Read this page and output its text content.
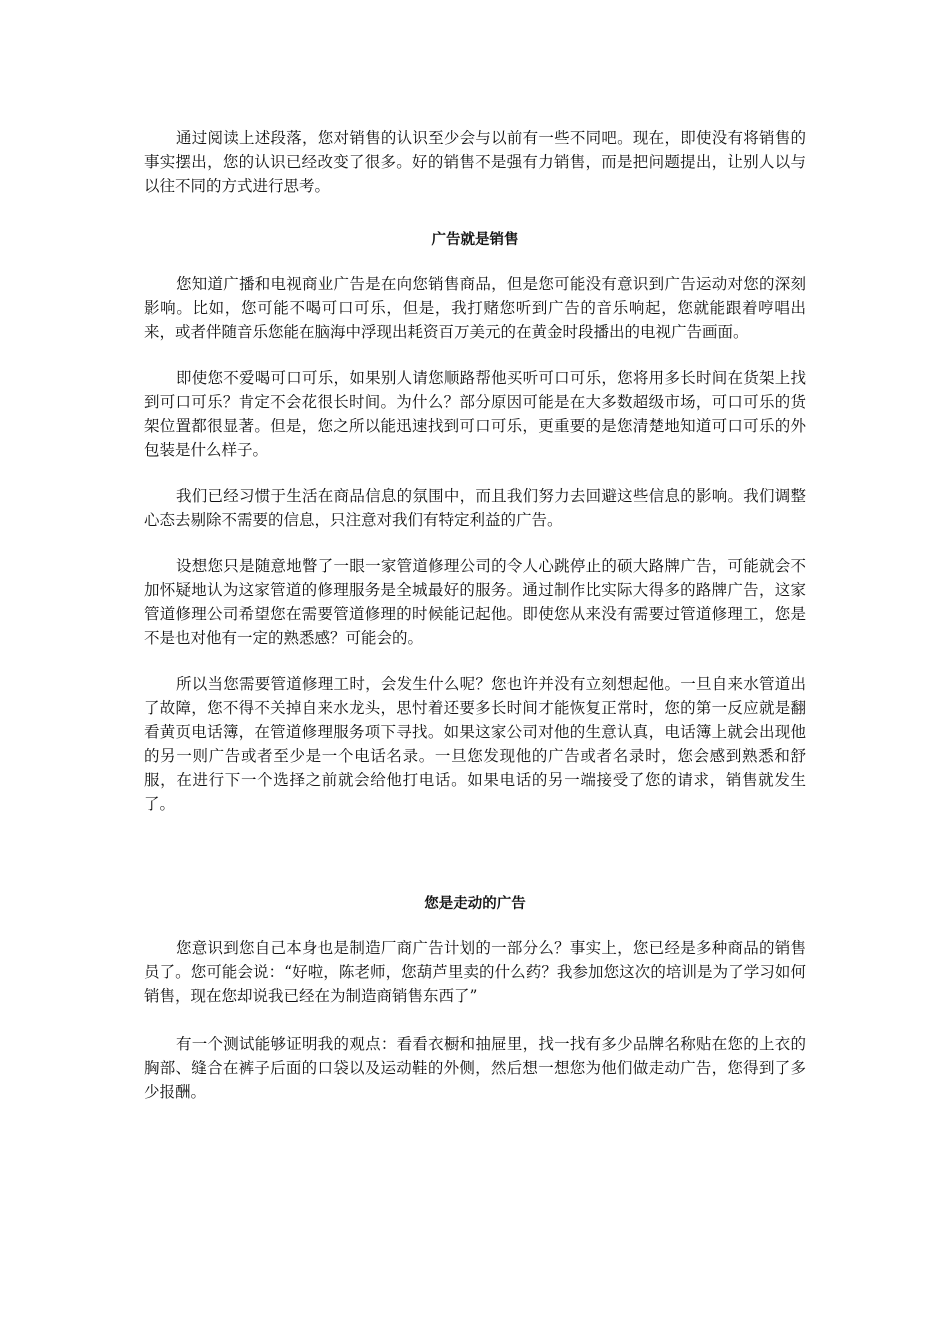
通过阅读上述段落，您对销售的认识至少会与以前有一些不同吧。现在，即使没有将销售的事实摆出，您的认识已经改变了很多。好的销售不是强有力销售，而是把问题提出，让别人以与以往不同的方式进行思考。

广告就是销售

您知道广播和电视商业广告是在向您销售商品，但是您可能没有意识到广告运动对您的深刻影响。比如，您可能不喝可口可乐，但是，我打赌您听到广告的音乐响起，您就能跟着哼唱出来，或者伴随音乐您能在脑海中浮现出耗资百万美元的在黄金时段播出的电视广告画面。

即使您不爱喝可口可乐，如果别人请您顺路帮他买听可口可乐，您将用多长时间在货架上找到可口可乐？肯定不会花很长时间。为什么？部分原因可能是在大多数超级市场，可口可乐的货架位置都很显著。但是，您之所以能迅速找到可口可乐，更重要的是您清楚地知道可口可乐的外包装是什么样子。

我们已经习惯于生活在商品信息的氛围中，而且我们努力去回避这些信息的影响。我们调整心态去剔除不需要的信息，只注意对我们有特定利益的广告。

设想您只是随意地瞥了一眼一家管道修理公司的令人心跳停止的硕大路牌广告，可能就会不加怀疑地认为这家管道的修理服务是全城最好的服务。通过制作比实际大得多的路牌广告，这家管道修理公司希望您在需要管道修理的时候能记起他。即使您从来没有需要过管道修理工，您是不是也对他有一定的熟悉感？可能会的。

所以当您需要管道修理工时，会发生什么呢？您也许并没有立刻想起他。一旦自来水管道出了故障，您不得不关掉自来水龙头，思忖着还要多长时间才能恢复正常时，您的第一反应就是翻看黄页电话簿，在管道修理服务项下寻找。如果这家公司对他的生意认真，电话簿上就会出现他的另一则广告或者至少是一个电话名录。一旦您发现他的广告或者名录时，您会感到熟悉和舒服，在进行下一个选择之前就会给他打电话。如果电话的另一端接受了您的请求，销售就发生了。

您是走动的广告

您意识到您自己本身也是制造厂商广告计划的一部分么？事实上，您已经是多种商品的销售员了。您可能会说：“好啦，陈老师，您葫芦里卖的什么药？我参加您这次的培训是为了学习如何销售，现在您却说我已经在为制造商销售东西了”

有一个测试能够证明我的观点：看看衣橱和抽屉里，找一找有多少品牌名称贴在您的上衣的胸部、缝合在裤子后面的口袋以及运动鞋的外侧，然后想一想您为他们做走动广告，您得到了多少报酬。
